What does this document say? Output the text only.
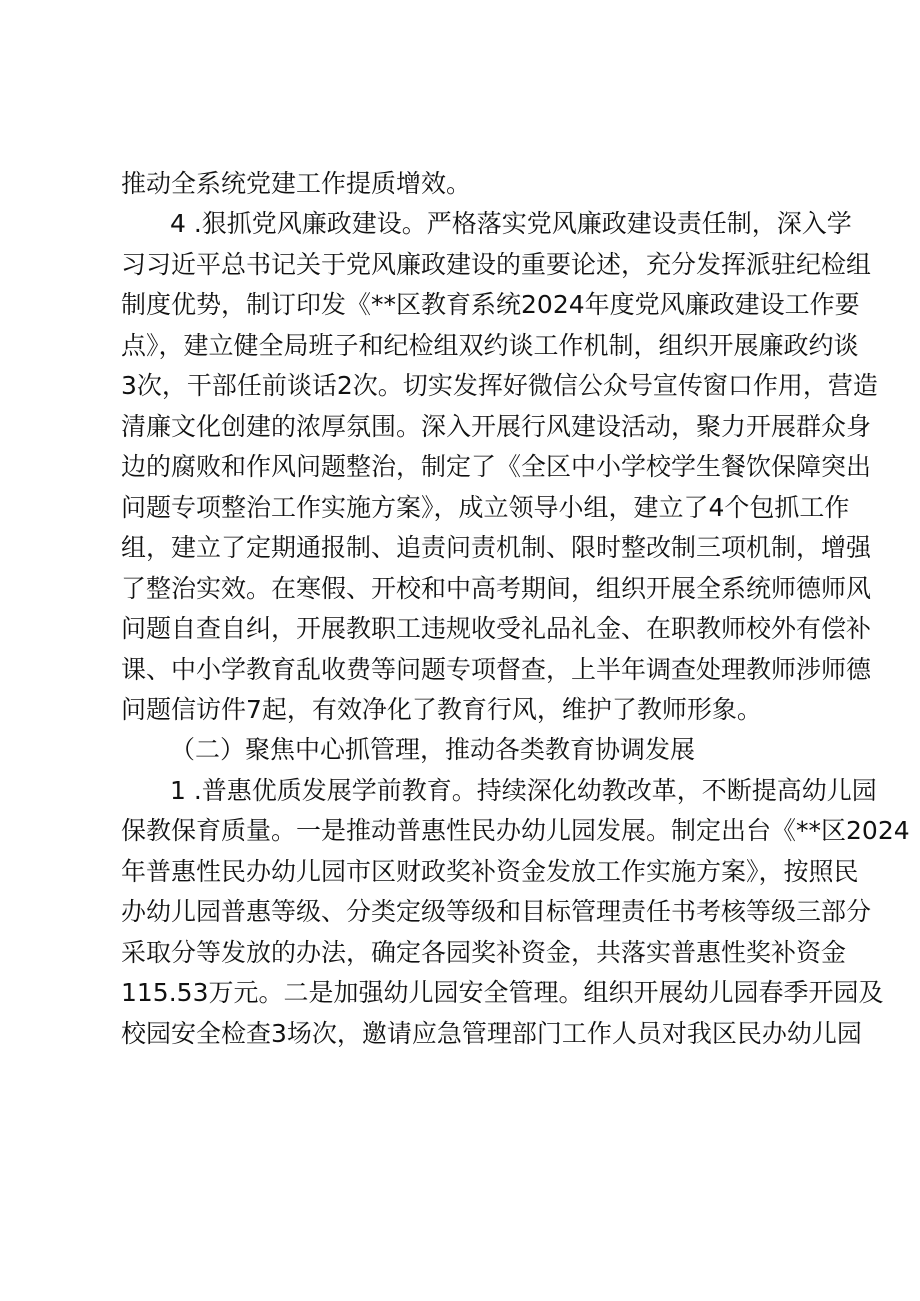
推动全系统党建工作提质增效。
4 .狠抓党风廉政建设。严格落实党风廉政建设责任制，深入学
习习近平总书记关于党风廉政建设的重要论述，充分发挥派驻纪检组
制度优势，制订印发《**区教育系统2024年度党风廉政建设工作要
点》，建立健全局班子和纪检组双约谈工作机制，组织开展廉政约谈
3次，干部任前谈话2次。切实发挥好微信公众号宣传窗口作用，营造
清廉文化创建的浓厚氛围。深入开展行风建设活动，聚力开展群众身
边的腐败和作风问题整治，制定了《全区中小学校学生餐饮保障突出
问题专项整治工作实施方案》，成立领导小组，建立了4个包抓工作
组，建立了定期通报制、追责问责机制、限时整改制三项机制，增强
了整治实效。在寒假、开校和中高考期间，组织开展全系统师德师风
问题自查自纠，开展教职工违规收受礼品礼金、在职教师校外有偿补
课、中小学教育乱收费等问题专项督查，上半年调查处理教师涉师德
问题信访件7起，有效净化了教育行风，维护了教师形象。
（二）聚焦中心抓管理，推动各类教育协调发展
1 .普惠优质发展学前教育。持续深化幼教改革，不断提高幼儿园
保教保育质量。一是推动普惠性民办幼儿园发展。制定出台《**区2024
年普惠性民办幼儿园市区财政奖补资金发放工作实施方案》，按照民
办幼儿园普惠等级、分类定级等级和目标管理责任书考核等级三部分
采取分等发放的办法，确定各园奖补资金，共落实普惠性奖补资金
115.53万元。二是加强幼儿园安全管理。组织开展幼儿园春季开园及
校园安全检查3场次，邀请应急管理部门工作人员对我区民办幼儿园
